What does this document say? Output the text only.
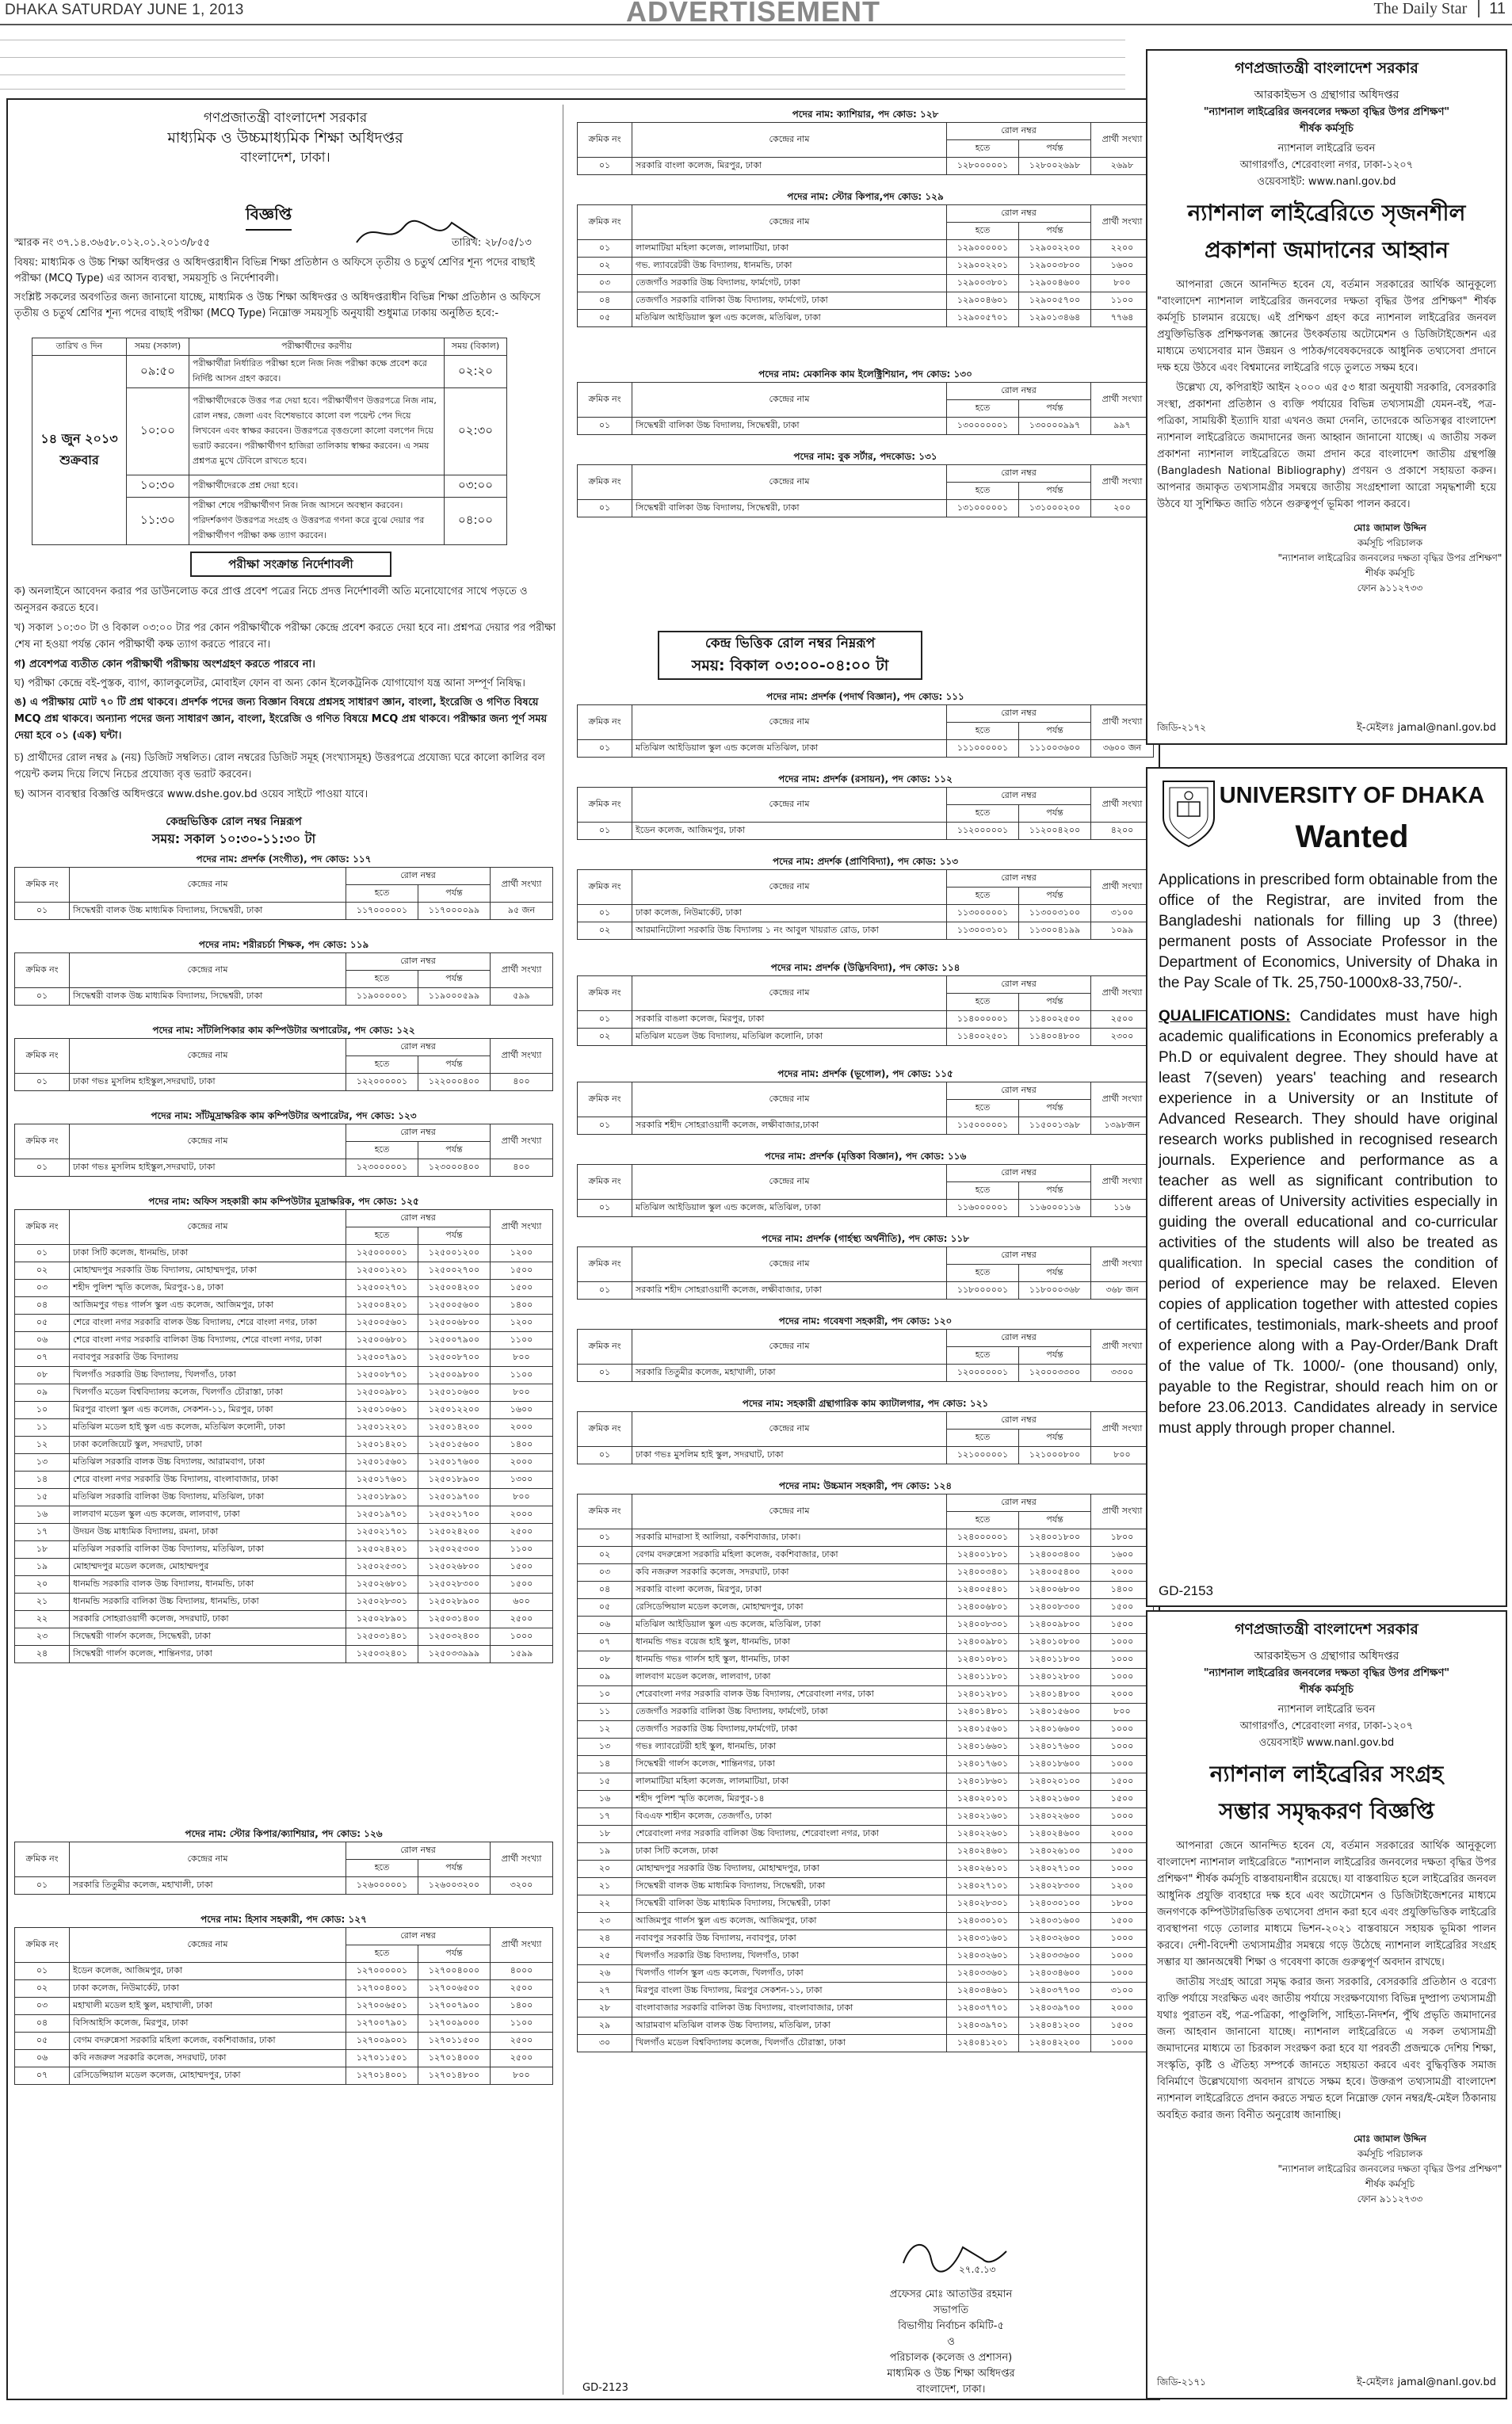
DHAKA SATURDAY JUNE 1, 2013	ADVERTISEMENT	The Daily Star 11
গণপ্রজাতন্ত্রী বাংলাদেশ সরকার
মাধ্যমিক ও উচ্চমাধ্যমিক শিক্ষা অধিদপ্তর
বাংলাদেশ, ঢাকা।
বিজ্ঞপ্তি
স্মারক নং ৩৭.১৪.৩৬৫৮.০১২.০১.২০১৩/৮৫৫	তারিখ: ২৮/০৫/১৩
বিষয়: মাধ্যমিক ও উচ্চ শিক্ষা অধিদপ্তর ও অধিদপ্তরাধীন বিভিন্ন শিক্ষা প্রতিষ্ঠান ও অফিসে তৃতীয় ও চতুর্থ শ্রেণির শূন্য পদের বাছাই পরীক্ষা (MCQ Type) এর আসন ব্যবস্থা, সময়সূচি ও নির্দেশাবলী।
সংশ্লিষ্ট সকলের অবগতির জন্য জানানো যাচ্ছে, মাধ্যমিক ও উচ্চ শিক্ষা অধিদপ্তর ও অধিদপ্তরাধীন বিভিন্ন শিক্ষা প্রতিষ্ঠান ও অফিসে তৃতীয় ও চতুর্থ শ্রেণির শূন্য পদের বাছাই পরীক্ষা (MCQ Type) নিম্নোক্ত সময়সূচি অনুযায়ী শুধুমাত্র ঢাকায় অনুষ্ঠিত হবে:-
তারিখ ও দিন	সময় (সকাল)	পরীক্ষার্থীদের করণীয়	সময় (বিকাল)
১৪ জুন ২০১৩ শুক্রবার	০৯:৫০	পরীক্ষার্থীরা নির্ধারিত পরীক্ষা হলে নিজ নিজ পরীক্ষা কক্ষে প্রবেশ করে নির্দিষ্ট আসন গ্রহণ করবে।	০২:২০
	১০:০০	পরীক্ষার্থীদেরকে উত্তর পত্র দেয়া হবে। পরীক্ষার্থীগণ উত্তরপত্রে নিজ নাম, রোল নম্বর, জেলা এবং বিশেষভাবে কালো বল পয়েন্ট পেন দিয়ে লিখবেন এবং স্বাক্ষর করবেন। উত্তরপত্রে বৃত্তগুলো কালো বলপেন দিয়ে ভরাট করবেন। পরীক্ষার্থীগণ হাজিরা তালিকায় স্বাক্ষর করবেন। এ সময় প্রশ্নপত্র মুখে টেবিলে রাখতে হবে।	০২:৩০
	১০:৩০	পরীক্ষার্থীদেরকে প্রশ্ন দেয়া হবে।	০৩:০০
	১১:৩০	পরীক্ষা শেষে পরীক্ষার্থীগণ নিজ নিজ আসনে অবস্থান করবেন। পরিদর্শকগণ উত্তরপত্র সংগ্রহ ও উত্তরপত্র গণনা করে বুঝে দেয়ার পর পরীক্ষার্থীগণ পরীক্ষা কক্ষ ত্যাগ করবেন।	০৪:০০
পরীক্ষা সংক্রান্ত নির্দেশাবলী
ক) অনলাইনে আবেদন করার পর ডাউনলোড করে প্রাপ্ত প্রবেশ পত্রের নিচে প্রদত্ত নির্দেশাবলী অতি মনোযোগের সাথে পড়তে ও অনুসরন করতে হবে।
খ) সকাল ১০:৩০ টা ও বিকাল ০৩:০০ টার পর কোন পরীক্ষার্থীকে পরীক্ষা কেন্দ্রে প্রবেশ করতে দেয়া হবে না। প্রশ্নপত্র দেয়ার পর পরীক্ষা শেষ না হওয়া পর্যন্ত কোন পরীক্ষার্থী কক্ষ ত্যাগ করতে পারবে না।
গ) প্রবেশপত্র ব্যতীত কোন পরীক্ষার্থী পরীক্ষায় অংশগ্রহণ করতে পারবে না।
ঘ) পরীক্ষা কেন্দ্রে বই-পুস্তক, ব্যাগ, ক্যালকুলেটর, মোবাইল ফোন বা অন্য কোন ইলেকট্রনিক যোগাযোগ যন্ত্র আনা সম্পূর্ণ নিষিদ্ধ।
ঙ) এ পরীক্ষায় মোট ৭০ টি প্রশ্ন থাকবে। প্রদর্শক পদের জন্য বিজ্ঞান বিষয়ে প্রশ্নসহ সাধারণ জ্ঞান, বাংলা, ইংরেজি ও গণিত বিষয়ে MCQ প্রশ্ন থাকবে। অন্যান্য পদের জন্য সাধারণ জ্ঞান, বাংলা, ইংরেজি ও গণিত বিষয়ে MCQ প্রশ্ন থাকবে। পরীক্ষার জন্য পূর্ণ সময় দেয়া হবে ০১ (এক) ঘন্টা।
চ) প্রার্থীদের রোল নম্বর ৯ (নয়) ডিজিট সম্বলিত। রোল নম্বরের ডিজিট সমূহ (সংখ্যাসমূহ) উত্তরপত্রে প্রযোজ্য ঘরে কালো কালির বল পয়েন্ট কলম দিয়ে লিখে নিচের প্রযোজ্য বৃত্ত ভরাট করবেন।
ছ) আসন ব্যবস্থার বিজ্ঞপ্তি অধিদপ্তরে www.dshe.gov.bd ওয়েব সাইটে পাওয়া যাবে।
কেন্দ্রভিত্তিক রোল নম্বর নিম্নরূপ
সময়: সকাল ১০:৩০-১১:৩০ টা
পদের নাম: প্রদর্শক (সংগীত), পদ কোড: ১১৭
ক্রমিক নং	কেন্দ্রের নাম	রোল নম্বর		প্রার্থী সংখ্যা
		হতে	পর্যন্ত	
০১	সিদ্ধেশ্বরী বালক উচ্চ মাধ্যমিক বিদ্যালয়, সিদ্ধেশ্বরী, ঢাকা	১১৭০০০০০১	১১৭০০০০৯৯	৯৫ জন
পদের নাম: শরীরচর্চা শিক্ষক, পদ কোড: ১১৯
ক্রমিক নং	কেন্দ্রের নাম	রোল নম্বর		প্রার্থী সংখ্যা
		হতে	পর্যন্ত	
০১	সিদ্ধেশ্বরী বালক উচ্চ মাধ্যমিক বিদ্যালয়, সিদ্ধেশ্বরী, ঢাকা	১১৯০০০০০১	১১৯০০০৫৯৯	৫৯৯
পদের নাম: সাঁটলিপিকার কাম কম্পিউটার অপারেটর, পদ কোড: ১২২
ক্রমিক নং	কেন্দ্রের নাম	রোল নম্বর		প্রার্থী সংখ্যা
		হতে	পর্যন্ত	
০১	ঢাকা গভঃ মুসলিম হাইস্কুল,সদরঘাট, ঢাকা	১২২০০০০০১	১২২০০০৪০০	৪০০
পদের নাম: সাঁটমুদ্রাক্ষরিক কাম কম্পিউটার অপারেটর, পদ কোড: ১২৩
ক্রমিক নং	কেন্দ্রের নাম	রোল নম্বর		প্রার্থী সংখ্যা
		হতে	পর্যন্ত	
০১	ঢাকা গভঃ মুসলিম হাইস্কুল,সদরঘাট, ঢাকা	১২৩০০০০০১	১২৩০০০৪০০	৪০০
পদের নাম: অফিস সহকারী কাম কম্পিউটার মুদ্রাক্ষরিক, পদ কোড: ১২৫
ক্রমিক নং	কেন্দ্রের নাম	রোল নম্বর		প্রার্থী সংখ্যা
		হতে	পর্যন্ত	
০১	ঢাকা সিটি কলেজ, ধানমন্ডি, ঢাকা	১২৫০০০০০১	১২৫০০১২০০	১২০০
০২	মোহাম্মদপুর সরকারি উচ্চ বিদ্যালয়, মোহাম্মদপুর, ঢাকা	১২৫০০১২০১	১২৫০০২৭০০	১৫০০
০৩	শহীদ পুলিশ স্মৃতি কলেজ, মিরপুর-১৪, ঢাকা	১২৫০০২৭০১	১২৫০০৪২০০	১৫০০
০৪	আজিমপুর গভঃ গার্লস স্কুল এন্ড কলেজ, আজিমপুর, ঢাকা	১২৫০০৪২০১	১২৫০০৫৬০০	১৪০০
০৫	শেরে বাংলা নগর সরকারি বালক উচ্চ বিদ্যালয়, শেরে বাংলা নগর, ঢাকা	১২৫০০৫৬০১	১২৫০০৬৮০০	১২০০
০৬	শেরে বাংলা নগর সরকারি বালিকা উচ্চ বিদ্যালয়, শেরে বাংলা নগর, ঢাকা	১২৫০০৬৮০১	১২৫০০৭৯০০	১১০০
০৭	নবাবপুর সরকারি উচ্চ বিদ্যালয়	১২৫০০৭৯০১	১২৫০০৮৭০০	৮০০
০৮	খিলগাঁও সরকারি উচ্চ বিদ্যালয়, খিলগাঁও, ঢাকা	১২৫০০৮৭০১	১২৫০০৯৮০০	১১০০
০৯	খিলগাঁও মডেল বিশ্ববিদ্যালয় কলেজ, খিলগাঁও চৌরাস্তা, ঢাকা	১২৫০০৯৮০১	১২৫০১০৬০০	৮০০
১০	মিরপুর বাংলা স্কুল এন্ড কলেজ, সেকশন-১১, মিরপুর, ঢাকা	১২৫০১০৬০১	১২৫০১২২০০	১৬০০
১১	মতিঝিল মডেল হাই স্কুল এন্ড কলেজ, মতিঝিল কলোনী, ঢাকা	১২৫০১২২০১	১২৫০১৪২০০	২০০০
১২	ঢাকা কলেজিয়েট স্কুল, সদরঘাট, ঢাকা	১২৫০১৪২০১	১২৫০১৫৬০০	১৪০০
১৩	মতিঝিল সরকারি বালক উচ্চ বিদ্যালয়, আরামবাগ, ঢাকা	১২৫০১৫৬০১	১২৫০১৭৬০০	২০০০
১৪	শেরে বাংলা নগর সরকারি উচ্চ বিদ্যালয়, বাংলাবাজার, ঢাকা	১২৫০১৭৬০১	১২৫০১৮৯০০	১৩০০
১৫	মতিঝিল সরকারি বালিকা উচ্চ বিদ্যালয়, মতিঝিল, ঢাকা	১২৫০১৮৯০১	১২৫০১৯৭০০	৮০০
১৬	লালবাগ মডেল স্কুল এন্ড কলেজ, লালবাগ, ঢাকা	১২৫০১৯৭০১	১২৫০২১৭০০	২০০০
১৭	উদয়ন উচ্চ মাধ্যমিক বিদ্যালয়, রমনা, ঢাকা	১২৫০২১৭০১	১২৫০২৪২০০	২৫০০
১৮	মতিঝিল সরকারি বালিকা উচ্চ বিদ্যালয়, মতিঝিল, ঢাকা	১২৫০২৪২০১	১২৫০২৫৩০০	১১০০
১৯	মোহাম্মদপুর মডেল কলেজ, মোহাম্মদপুর	১২৫০২৫৩০১	১২৫০২৬৮০০	১৫০০
২০	ধানমন্ডি সরকারি বালক উচ্চ বিদ্যালয়, ধানমন্ডি, ঢাকা	১২৫০২৬৮০১	১২৫০২৮৩০০	১৫০০
২১	ধানমন্ডি সরকারি বালিকা উচ্চ বিদ্যালয়, ধানমন্ডি, ঢাকা	১২৫০২৮৩০১	১২৫০২৮৯০০	৬০০
২২	সরকারি সোহরাওয়ার্দী কলেজ, সদরঘাট, ঢাকা	১২৫০২৮৯০১	১২৫০৩১৪০০	২৫০০
২৩	সিদ্ধেশ্বরী গার্লস কলেজ, সিদ্ধেশ্বরী, ঢাকা	১২৫০৩১৪০১	১২৫০৩২৪০০	১০০০
২৪	সিদ্ধেশ্বরী গার্লস কলেজ, শান্তিনগর, ঢাকা	১২৫০৩২৪০১	১২৫০৩৩৯৯৯	১৫৯৯
পদের নাম: স্টোর কিপার/ক্যাশিয়ার, পদ কোড: ১২৬
ক্রমিক নং	কেন্দ্রের নাম	রোল নম্বর		প্রার্থী সংখ্যা
		হতে	পর্যন্ত	
০১	সরকারি তিতুমীর কলেজ, মহাখালী, ঢাকা	১২৬০০০০০১	১২৬০০৩২০০	৩২০০
পদের নাম: হিসাব সহকারী, পদ কোড: ১২৭
ক্রমিক নং	কেন্দ্রের নাম	রোল নম্বর		প্রার্থী সংখ্যা
		হতে	পর্যন্ত	
০১	ইডেন কলেজ, আজিমপুর, ঢাকা	১২৭০০০০০১	১২৭০০৪০০০	৪০০০
০২	ঢাকা কলেজ, নিউমার্কেট, ঢাকা	১২৭০০৪০০১	১২৭০০৬৫০০	২৫০০
০৩	মহাখালী মডেল হাই স্কুল, মহাখালী, ঢাকা	১২৭০০৬৫০১	১২৭০০৭৯০০	১৪০০
০৪	বিসিআইসি কলেজ, মিরপুর, ঢাকা	১২৭০০৭৯০১	১২৭০০৯০০০	১১০০
০৫	বেগম বদরুন্নেসা সরকারি মহিলা কলেজ, বকশিবাজার, ঢাকা	১২৭০০৯০০১	১২৭০১১৫০০	২৫০০
০৬	কবি নজরুল সরকারি কলেজ, সদরঘাট, ঢাকা	১২৭০১১৫০১	১২৭০১৪০০০	২৫০০
০৭	রেসিডেন্সিয়াল মডেল কলেজ, মোহাম্মদপুর, ঢাকা	১২৭০১৪০০১	১২৭০১৪৮০০	৮০০
কেন্দ্র ভিত্তিক রোল নম্বর নিম্নরূপ
সময়: বিকাল ০৩:০০-০৪:০০ টা
পদের নাম: ক্যাশিয়ার, পদ কোড: ১২৮
ক্রমিক নং	কেন্দ্রের নাম	রোল নম্বর		প্রার্থী সংখ্যা
		হতে	পর্যন্ত	
০১	সরকারি বাংলা কলেজ, মিরপুর, ঢাকা	১২৮০০০০০১	১২৮০০২৬৯৮	২৬৯৮
পদের নাম: স্টোর কিপার,পদ কোড: ১২৯
ক্রমিক নং	কেন্দ্রের নাম	রোল নম্বর		প্রার্থী সংখ্যা
		হতে	পর্যন্ত	
০১	লালমাটিয়া মহিলা কলেজ, লালমাটিয়া, ঢাকা	১২৯০০০০০১	১২৯০০২২০০	২২০০
০২	গভ. ল্যাবরেটরী উচ্চ বিদ্যালয়, ধানমন্ডি, ঢাকা	১২৯০০২২০১	১২৯০০৩৮০০	১৬০০
০৩	তেজগাঁও সরকারি উচ্চ বিদ্যালয়, ফার্মগেট, ঢাকা	১২৯০০৩৮০১	১২৯০০৪৬০০	৮০০
০৪	তেজগাঁও সরকারি বালিকা উচ্চ বিদ্যালয়, ফার্মগেট, ঢাকা	১২৯০০৪৬০১	১২৯০০৫৭০০	১১০০
০৫	মতিঝিল আইডিয়াল স্কুল এন্ড কলেজ, মতিঝিল, ঢাকা	১২৯০০৫৭০১	১২৯০১৩৪৬৪	৭৭৬৪
পদের নাম: মেকানিক কাম ইলেক্ট্রিশিয়ান, পদ কোড: ১৩০
ক্রমিক নং	কেন্দ্রের নাম	রোল নম্বর		প্রার্থী সংখ্যা
		হতে	পর্যন্ত	
০১	সিদ্ধেশ্বরী বালিকা উচ্চ বিদ্যালয়, সিদ্ধেশ্বরী, ঢাকা	১৩০০০০০০১	১৩০০০০৯৯৭	৯৯৭
পদের নাম: বুক সর্টার, পদকোড: ১৩১
ক্রমিক নং	কেন্দ্রের নাম	রোল নম্বর		প্রার্থী সংখ্যা
		হতে	পর্যন্ত	
০১	সিদ্ধেশ্বরী বালিকা উচ্চ বিদ্যালয়, সিদ্ধেশ্বরী, ঢাকা	১৩১০০০০০১	১৩১০০০২০০	২০০
পদের নাম: প্রদর্শক (পদার্থ বিজ্ঞান), পদ কোড: ১১১
ক্রমিক নং	কেন্দ্রের নাম	রোল নম্বর		প্রার্থী সংখ্যা
		হতে	পর্যন্ত	
০১	মতিঝিল আইডিয়াল স্কুল এন্ড কলেজ মতিঝিল, ঢাকা	১১১০০০০০১	১১১০০৩৬০০	৩৬০০ জন
পদের নাম: প্রদর্শক (রসায়ন), পদ কোড: ১১২
ক্রমিক নং	কেন্দ্রের নাম	রোল নম্বর		প্রার্থী সংখ্যা
		হতে	পর্যন্ত	
০১	ইডেন কলেজ, আজিমপুর, ঢাকা	১১২০০০০০১	১১২০০৪২০০	৪২০০
পদের নাম: প্রদর্শক (প্রাণিবিদ্যা), পদ কোড: ১১৩
ক্রমিক নং	কেন্দ্রের নাম	রোল নম্বর		প্রার্থী সংখ্যা
		হতে	পর্যন্ত	
০১	ঢাকা কলেজ, নিউমার্কেট, ঢাকা	১১৩০০০০০১	১১৩০০৩১০০	৩১০০
০২	আরমানিটোলা সরকারি উচ্চ বিদ্যালয় ১ নং আবুল খায়রাত রোড, ঢাকা	১১৩০০৩১০১	১১৩০০৪১৯৯	১০৯৯
পদের নাম: প্রদর্শক (উদ্ভিদবিদ্যা), পদ কোড: ১১৪
ক্রমিক নং	কেন্দ্রের নাম	রোল নম্বর		প্রার্থী সংখ্যা
		হতে	পর্যন্ত	
০১	সরকারি বাঙলা কলেজ, মিরপুর, ঢাকা	১১৪০০০০০১	১১৪০০২৫০০	২৫০০
০২	মতিঝিল মডেল উচ্চ বিদ্যালয়, মতিঝিল কলোনি, ঢাকা	১১৪০০২৫০১	১১৪০০৪৮০০	২৩০০
পদের নাম: প্রদর্শক (ভূগোল), পদ কোড: ১১৫
ক্রমিক নং	কেন্দ্রের নাম	রোল নম্বর		প্রার্থী সংখ্যা
		হতে	পর্যন্ত	
০১	সরকারি শহীদ সোহরাওয়ার্দী কলেজ, লক্ষীবাজার,ঢাকা	১১৫০০০০০১	১১৫০০১৩৯৮	১৩৯৮জন
পদের নাম: প্রদর্শক (মৃত্তিকা বিজ্ঞান), পদ কোড: ১১৬
ক্রমিক নং	কেন্দ্রের নাম	রোল নম্বর		প্রার্থী সংখ্যা
		হতে	পর্যন্ত	
০১	মতিঝিল আইডিয়াল স্কুল এন্ড কলেজ, মতিঝিল, ঢাকা	১১৬০০০০০১	১১৬০০০১১৬	১১৬
পদের নাম: প্রদর্শক (গার্হস্থ্য অর্থনীতি), পদ কোড: ১১৮
ক্রমিক নং	কেন্দ্রের নাম	রোল নম্বর		প্রার্থী সংখ্যা
		হতে	পর্যন্ত	
০১	সরকারি শহীদ সোহরাওয়ার্দী কলেজ, লক্ষীবাজার, ঢাকা	১১৮০০০০০১	১১৮০০০৩৬৮	৩৬৮ জন
পদের নাম: গবেষণা সহকারী, পদ কোড: ১২০
ক্রমিক নং	কেন্দ্রের নাম	রোল নম্বর		প্রার্থী সংখ্যা
		হতে	পর্যন্ত	
০১	সরকারি তিতুমীর কলেজ, মহাখালী, ঢাকা	১২০০০০০০১	১২০০০৩৩০০	৩৩০০
পদের নাম: সহকারী গ্রন্থাগারিক কাম ক্যাটালগার, পদ কোড: ১২১
ক্রমিক নং	কেন্দ্রের নাম	রোল নম্বর		প্রার্থী সংখ্যা
		হতে	পর্যন্ত	
০১	ঢাকা গভঃ মুসলিম হাই স্কুল, সদরঘাট, ঢাকা	১২১০০০০০১	১২১০০০৮০০	৮০০
পদের নাম: উচ্চমান সহকারী, পদ কোড: ১২৪
ক্রমিক নং	কেন্দ্রের নাম	রোল নম্বর		প্রার্থী সংখ্যা
		হতে	পর্যন্ত	
০১	সরকারি মাদরাসা ই আলিয়া, বকশিবাজার, ঢাকা।	১২৪০০০০০১	১২৪০০১৮০০	১৮০০
০২	বেগম বদরুন্নেসা সরকারি মহিলা কলেজ, বকশিবাজার, ঢাকা	১২৪০০১৮০১	১২৪০০৩৪০০	১৬০০
০৩	কবি নজরুল সরকারি কলেজ, সদরঘাট, ঢাকা	১২৪০০৩৪০১	১২৪০০৫৪০০	২০০০
০৪	সরকারি বাংলা কলেজ, মিরপুর, ঢাকা	১২৪০০৫৪০১	১২৪০০৬৮০০	১৪০০
০৫	রেসিডেন্সিয়াল মডেল কলেজ, মোহাম্মদপুর, ঢাকা	১২৪০০৬৮০১	১২৪০০৮৩০০	১৫০০
০৬	মতিঝিল আইডিয়াল স্কুল এন্ড কলেজ, মতিঝিল, ঢাকা	১২৪০০৮৩০১	১২৪০০৯৮০০	১৫০০
০৭	ধানমন্ডি গভঃ বয়েজ হাই স্কুল, ধানমন্ডি, ঢাকা	১২৪০০৯৮০১	১২৪০১০৮০০	১০০০
০৮	ধানমন্ডি গভঃ গার্লস হাই স্কুল, ধানমন্ডি, ঢাকা	১২৪০১০৮০১	১২৪০১১৮০০	১০০০
০৯	লালবাগ মডেল কলেজ, লালবাগ, ঢাকা	১২৪০১১৮০১	১২৪০১২৮০০	১০০০
১০	শেরেবাংলা নগর সরকারি বালক উচ্চ বিদ্যালয়, শেরেবাংলা নগর, ঢাকা	১২৪০১২৮০১	১২৪০১৪৮০০	২০০০
১১	তেজগাঁও সরকারি বালিকা উচ্চ বিদ্যালয়, ফার্মগেট, ঢাকা	১২৪০১৪৮০১	১২৪০১৫৬০০	৮০০
১২	তেজগাঁও সরকারি উচ্চ বিদ্যালয়,ফার্মগেট, ঢাকা	১২৪০১৫৬০১	১২৪০১৬৬০০	১০০০
১৩	গভঃ ল্যাবরেটরী হাই স্কুল, ধানমন্ডি, ঢাকা	১২৪০১৬৬০১	১২৪০১৭৬০০	১০০০
১৪	সিদ্ধেশ্বরী গার্লস কলেজ, শান্তিনগর, ঢাকা	১২৪০১৭৬০১	১২৪০১৮৬০০	১০০০
১৫	লালমাটিয়া মহিলা কলেজ, লালমাটিয়া, ঢাকা	১২৪০১৮৬০১	১২৪০২০১০০	১৫০০
১৬	শহীদ পুলিশ স্মৃতি কলেজ, মিরপুর-১৪	১২৪০২০১০১	১২৪০২১৬০০	১৫০০
১৭	বিএএফ শাহীন কলেজ, তেজগাঁও, ঢাকা	১২৪০২১৬০১	১২৪০২২৬০০	১০০০
১৮	শেরেবাংলা নগর সরকারি বালিকা উচ্চ বিদ্যালয়, শেরেবাংলা নগর, ঢাকা	১২৪০২২৬০১	১২৪০২৪৬০০	২০০০
১৯	ঢাকা সিটি কলেজ, ঢাকা	১২৪০২৪৬০১	১২৪০২৬১০০	১৫০০
২০	মোহাম্মদপুর সরকারি উচ্চ বিদ্যালয়, মোহাম্মদপুর, ঢাকা	১২৪০২৬১০১	১২৪০২৭১০০	১০০০
২১	সিদ্ধেশ্বরী বালক উচ্চ মাধ্যমিক বিদ্যালয়, সিদ্ধেশ্বরী, ঢাকা	১২৪০২৭১০১	১২৪০২৮৩০০	১২০০
২২	সিদ্ধেশ্বরী বালিকা উচ্চ মাধ্যমিক বিদ্যালয়, সিদ্ধেশ্বরী, ঢাকা	১২৪০২৮৩০১	১২৪০৩০১০০	১৮০০
২৩	আজিমপুর গার্লস স্কুল এন্ড কলেজ, আজিমপুর, ঢাকা	১২৪০৩০১০১	১২৪০৩১৬০০	১৫০০
২৪	নবাবপুর সরকারি উচ্চ বিদ্যালয়, নবাবপুর, ঢাকা	১২৪০৩১৬০১	১২৪০৩২৬০০	১০০০
২৫	খিলগাঁও সরকারি উচ্চ বিদ্যালয়, খিলগাঁও, ঢাকা	১২৪০৩২৬০১	১২৪০৩৩৬০০	১০০০
২৬	খিলগাঁও গার্লস স্কুল এন্ড কলেজ, খিলগাঁও, ঢাকা	১২৪০৩৩৬০১	১২৪০৩৪৬০০	১০০০
২৭	মিরপুর বাংলা উচ্চ বিদ্যালয়, মিরপুর সেকশন-১১, ঢাকা	১২৪০৩৪৬০১	১২৪০৩৭৭০০	৩১০০
২৮	বাংলাবাজার সরকারি বালিকা উচ্চ বিদ্যালয়, বাংলাবাজার, ঢাকা	১২৪০৩৭৭০১	১২৪০৩৯৭০০	২০০০
২৯	আরামবাগ মতিঝিল বালক উচ্চ বিদ্যালয়, মতিঝিল, ঢাকা	১২৪০৩৯৭০১	১২৪০৪১২০০	১৫০০
৩০	খিলগাঁও মডেল বিশ্ববিদ্যালয় কলেজ, খিলগাঁও চৌরাস্তা, ঢাকা	১২৪০৪১২০১	১২৪০৪২২০০	১০০০
২৭.৫.১৩
প্রফেসর মোঃ আতাউর রহমান
সভাপতি
বিভাগীয় নির্বাচন কমিটি-৫
ও
পরিচালক (কলেজ ও প্রশাসন)
মাধ্যমিক ও উচ্চ শিক্ষা অধিদপ্তর
বাংলাদেশ, ঢাকা।
GD-2123
গণপ্রজাতন্ত্রী বাংলাদেশ সরকার
আরকাইভস ও গ্রন্থাগার অধিদপ্তর
"ন্যাশনাল লাইব্রেরির জনবলের দক্ষতা বৃদ্ধির উপর প্রশিক্ষণ"
শীর্ষক কর্মসূচি
ন্যাশনাল লাইব্রেরি ভবন
আগারগাঁও, শেরেবাংলা নগর, ঢাকা-১২০৭
ওয়েবসাইট: www.nanl.gov.bd
ন্যাশনাল লাইব্রেরিতে সৃজনশীল
প্রকাশনা জমাদানের আহ্বান

আপনারা জেনে আনন্দিত হবেন যে, বর্তমান সরকারের আর্থিক আনুকূল্যে "বাংলাদেশ ন্যাশনাল লাইব্রেরির জনবলের দক্ষতা বৃদ্ধির উপর প্রশিক্ষণ" শীর্ষক কর্মসূচি চালমান রয়েছে। এই প্রশিক্ষণ গ্রহণ করে ন্যাশনাল লাইব্রেরির জনবল প্রযুক্তিভিত্তিক প্রশিক্ষণলব্ধ জ্ঞানের উৎকর্ষতায় অটোমেশন ও ডিজিটাইজেশন এর মাধ্যমে তথ্যসেবার মান উন্নয়ন ও পাঠক/গবেষকদেরকে আধুনিক তথ্যসেবা প্রদানে দক্ষ হয়ে উঠবে এবং বিশ্বমানের লাইব্রেরি গড়ে তুলতে সক্ষম হবে।

উল্লেখ্য যে, কপিরাইট আইন ২০০০ এর ৫৩ ধারা অনুযায়ী সরকারি, বেসরকারি সংস্থা, প্রকাশনা প্রতিষ্ঠান ও ব্যক্তি পর্যায়ের বিভিন্ন তথ্যসামগ্রী যেমন-বই, পত্র-পত্রিকা, সাময়িকী ইত্যাদি যারা এখনও জমা দেননি, তাদেরকে অতিসত্বর বাংলাদেশ ন্যাশনাল লাইব্রেরিতে জমাদানের জন্য আহ্বান জানানো যাচ্ছে। এ জাতীয় সকল প্রকাশনা ন্যাশনাল লাইব্রেরিতে জমা প্রদান করে বাংলাদেশ জাতীয় গ্রন্থপঞ্জি (Bangladesh National Bibliography) প্রণয়ন ও প্রকাশে সহায়তা করুন। আপনার জমাকৃত তথ্যসামগ্রীর সমন্বয়ে জাতীয় সংগ্রহশালা আরো সমৃদ্ধশালী হয়ে উঠবে যা সুশিক্ষিত জাতি গঠনে গুরুত্বপূর্ণ ভূমিকা পালন করবে।

মোঃ জামাল উদ্দিন
কর্মসূচি পরিচালক
"ন্যাশনাল লাইব্রেরির জনবলের দক্ষতা বৃদ্ধির উপর প্রশিক্ষণ" শীর্ষক কর্মসূচি
ফোন ৯১১২৭৩৩
জিডি-২১৭২	ই-মেইলঃ jamal@nanl.gov.bd
UNIVERSITY OF DHAKA
Wanted

Applications in prescribed form obtainable from the office of the Registrar, are invited from the Bangladeshi nationals for filling up 3 (three) permanent posts of Associate Professor in the Department of Economics, University of Dhaka in the Pay Scale of Tk. 25,750-1000x8-33,750/-.

QUALIFICATIONS: Candidates must have high academic qualifications in Economics preferably a Ph.D or equivalent degree. They should have at least 7(seven) years' teaching and research experience in a University or an Institute of Advanced Research. They should have original research works published in recognised research journals. Experience and performance as a teacher as well as significant contribution to different areas of University activities especially in guiding the overall educational and co-curricular activities of the students will also be treated as qualification. In special cases the condition of period of experience may be relaxed. Eleven copies of application together with attested copies of certificates, testimonials, mark-sheets and proof of experience along with a Pay-Order/Bank Draft of the value of Tk. 1000/- (one thousand) only, payable to the Registrar, should reach him on or before 23.06.2013. Candidates already in service must apply through proper channel.

GD-2153
গণপ্রজাতন্ত্রী বাংলাদেশ সরকার
আরকাইভস ও গ্রন্থাগার অধিদপ্তর
"ন্যাশনাল লাইব্রেরির জনবলের দক্ষতা বৃদ্ধির উপর প্রশিক্ষণ"
শীর্ষক কর্মসূচি
ন্যাশনাল লাইব্রেরি ভবন
আগারগাঁও, শেরেবাংলা নগর, ঢাকা-১২০৭
ওয়েবসাইট www.nanl.gov.bd
ন্যাশনাল লাইব্রেরির সংগ্রহ
সম্ভার সমৃদ্ধকরণ বিজ্ঞপ্তি

আপনারা জেনে আনন্দিত হবেন যে, বর্তমান সরকারের আর্থিক আনুকূল্যে বাংলাদেশ ন্যাশনাল লাইব্রেরিতে "ন্যাশনাল লাইব্রেরির জনবলের দক্ষতা বৃদ্ধির উপর প্রশিক্ষণ" শীর্ষক কর্মসূচি বাস্তবায়নাধীন রয়েছে। যা বাস্তবায়িত হলে লাইব্রেরির জনবল আধুনিক প্রযুক্তি ব্যবহারে দক্ষ হবে এবং অটোমেশন ও ডিজিটাইজেশনের মাধ্যমে জনগণকে কম্পিউটারভিত্তিক তথ্যসেবা প্রদান করা হবে এবং প্রযুক্তিভিত্তিক লাইব্রেরি ব্যবস্থাপনা গড়ে তোলার মাধ্যমে ভিশন-২০২১ বাস্তবায়নে সহায়ক ভূমিকা পালন করবে। দেশী-বিদেশী তথ্যসামগ্রীর সমন্বয়ে গড়ে উঠেছে ন্যাশনাল লাইব্রেরির সংগ্রহ সম্ভার যা জ্ঞানঅন্বেষী শিক্ষা ও গবেষণা কাজে গুরুত্বপূর্ণ অবদান রাখছে।

জাতীয় সংগ্রহ আরো সমৃদ্ধ করার জন্য সরকারি, বেসরকারি প্রতিষ্ঠান ও বরেণ্য ব্যক্তি পর্যায়ে সংরক্ষিত এবং জাতীয় পর্যায়ে সংরক্ষণযোগ্য বিভিন্ন দুষ্প্রাপ্য তথ্যসামগ্রী যথাঃ পুরাতন বই, পত্র-পত্রিকা, পাণ্ডুলিপি, সাহিত্য-নিদর্শন, পুঁথি প্রভৃতি জমাদানের জন্য আহবান জানানো যাচ্ছে। ন্যাশনাল লাইব্রেরিতে এ সকল তথ্যসামগ্রী জমাদানের মাধ্যমে তা চিরকাল সংরক্ষণ করা হবে যা পরবর্তী প্রজন্মকে দেশিয় শিক্ষা, সংস্কৃতি, কৃষ্টি ও ঐতিহ্য সম্পর্কে জানতে সহায়তা করবে এবং বুদ্ধিবৃত্তিক সমাজ বিনির্মাণে উল্লেখযোগ্য অবদান রাখতে সক্ষম হবে। উক্তরূপ তথ্যসামগ্রী বাংলাদেশ ন্যাশনাল লাইব্রেরিতে প্রদান করতে সম্মত হলে নিম্নোক্ত ফোন নম্বর/ই-মেইল ঠিকানায় অবহিত করার জন্য বিনীত অনুরোধ জানাচ্ছি।

মোঃ জামাল উদ্দিন
কর্মসূচি পরিচালক
"ন্যাশনাল লাইব্রেরির জনবলের দক্ষতা বৃদ্ধির উপর প্রশিক্ষণ" শীর্ষক কর্মসূচি
ফোন ৯১১২৭৩৩
জিডি-২১৭১	ই-মেইলঃ jamal@nanl.gov.bd
